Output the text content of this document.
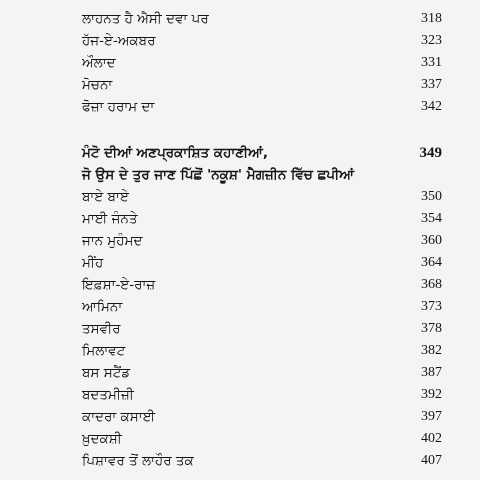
ਲਾਹਨਤ ਹੈ ਐਸੀ ਦਵਾ ਪਰ	318
ਹੱਜ-ਏ-ਅਕਬਰ	323
ਔਲਾਦ	331
ਮੋਚਨਾ	337
ਫੋਜ਼ਾ ਹਰਾਮ ਦਾ	342
ਮੰਟੋ ਦੀਆਂ ਅਣਪ੍ਰਕਾਸ਼ਿਤ ਕਹਾਣੀਆਂ,	349
ਜੋ ਉਸ ਦੇ ਤੁਰ ਜਾਣ ਪਿੱਛੋਂ 'ਨਕੂਸ਼' ਮੈਗਜ਼ੀਨ ਵਿੱਚ ਛਪੀਆਂ
ਬਾਏ ਬਾਏ	350
ਮਾਈ ਜੰਨਤੇ	354
ਜਾਨ ਮੁਹੰਮਦ	360
ਮੀਂਹ	364
ਇਫ਼ਸ਼ਾ-ਏ-ਰਾਜ਼	368
ਆਮਿਨਾ	373
ਤਸਵੀਰ	378
ਮਿਲਾਵਟ	382
ਬਸ ਸਟੈਂਡ	387
ਬਦਤਮੀਜ਼ੀ	392
ਕਾਦਰਾ ਕਸਾਈ	397
ਖ਼ੁਦਕਸ਼ੀ	402
ਪਿਸ਼ਾਵਰ ਤੋਂ ਲਾਹੌਰ ਤਕ	407
